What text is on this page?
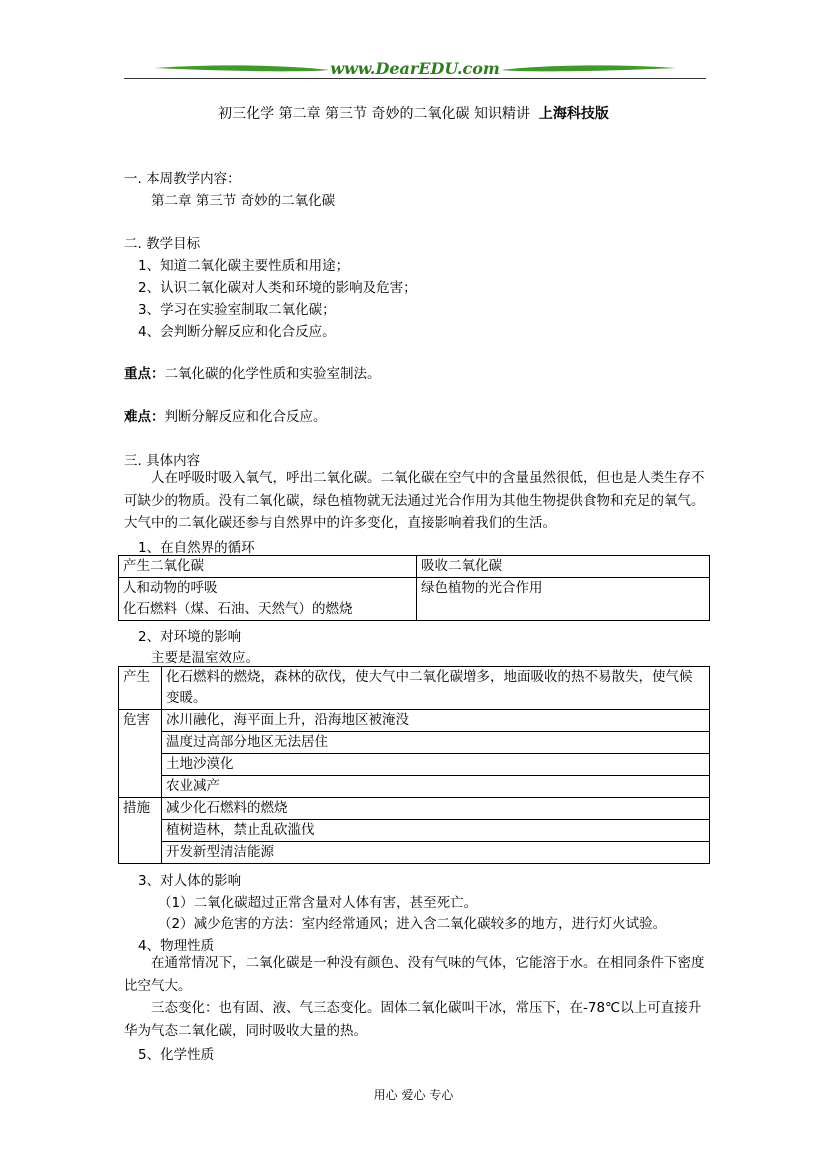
www.DearEDU.com
初三化学 第二章 第三节 奇妙的二氧化碳 知识精讲 上海科技版
一. 本周教学内容：
第二章 第三节 奇妙的二氧化碳
二. 教学目标
1、知道二氧化碳主要性质和用途；
2、认识二氧化碳对人类和环境的影响及危害；
3、学习在实验室制取二氧化碳；
4、会判断分解反应和化合反应。
重点：二氧化碳的化学性质和实验室制法。
难点：判断分解反应和化合反应。
三. 具体内容
人在呼吸时吸入氧气，呼出二氧化碳。二氧化碳在空气中的含量虽然很低，但也是人类生存不可缺少的物质。没有二氧化碳，绿色植物就无法通过光合作用为其他生物提供食物和充足的氧气。大气中的二氧化碳还参与自然界中的许多变化，直接影响着我们的生活。
1、在自然界的循环
产生二氧化碳	吸收二氧化碳

人和动物的呼吸
化石燃料（煤、石油、天然气）的燃烧	绿色植物的光合作用
2、对环境的影响
主要是温室效应。
产生	化石燃料的燃烧，森林的砍伐，使大气中二氧化碳增多，地面吸收的热不易散失，使气候变暖。
危害	冰川融化，海平面上升，沿海地区被淹没
	温度过高部分地区无法居住
	土地沙漠化
	农业减产
措施	减少化石燃料的燃烧
	植树造林，禁止乱砍滥伐
	开发新型清洁能源
3、对人体的影响
（1）二氧化碳超过正常含量对人体有害，甚至死亡。
（2）减少危害的方法：室内经常通风；进入含二氧化碳较多的地方，进行灯火试验。
4、物理性质
在通常情况下，二氧化碳是一种没有颜色、没有气味的气体，它能溶于水。在相同条件下密度比空气大。
三态变化：也有固、液、气三态变化。固体二氧化碳叫干冰，常压下，在-78℃以上可直接升华为气态二氧化碳，同时吸收大量的热。
5、化学性质
用心 爱心 专心
